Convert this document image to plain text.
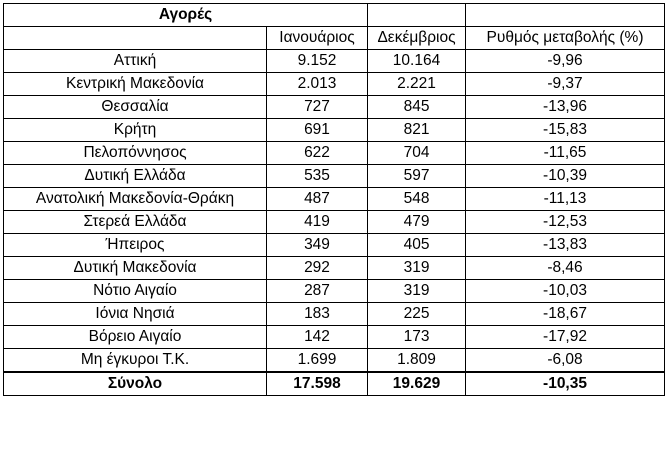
Αγορές			
	Ιανουάριος	Δεκέμβριος	Ρυθμός μεταβολής (%)
Αττική	9.152	10.164	-9,96
Κεντρική Μακεδονία	2.013	2.221	-9,37
Θεσσαλία	727	845	-13,96
Κρήτη	691	821	-15,83
Πελοπόννησος	622	704	-11,65
Δυτική Ελλάδα	535	597	-10,39
Ανατολική Μακεδονία-Θράκη	487	548	-11,13
Στερεά Ελλάδα	419	479	-12,53
Ήπειρος	349	405	-13,83
Δυτική Μακεδονία	292	319	-8,46
Νότιο Αιγαίο	287	319	-10,03
Ιόνια Νησιά	183	225	-18,67
Βόρειο Αιγαίο	142	173	-17,92
Μη έγκυροι Τ.Κ.	1.699	1.809	-6,08
Σύνολο	17.598	19.629	-10,35
